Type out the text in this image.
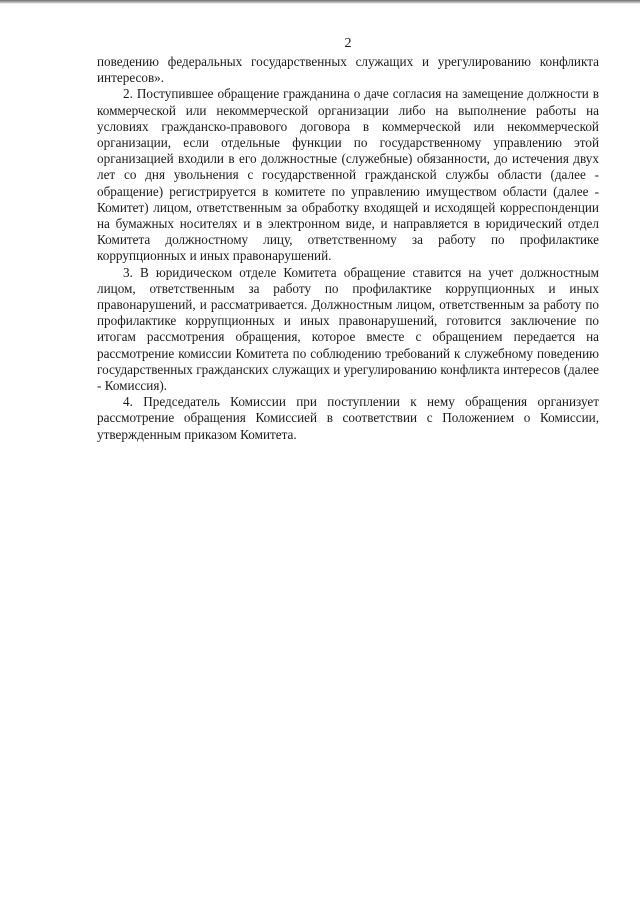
2

поведению федеральных государственных служащих и урегулированию конфликта интересов».

2. Поступившее обращение гражданина о даче согласия на замещение должности в коммерческой или некоммерческой организации либо на выполнение работы на условиях гражданско-правового договора в коммерческой или некоммерческой организации, если отдельные функции по государственному управлению этой организацией входили в его должностные (служебные) обязанности, до истечения двух лет со дня увольнения с государственной гражданской службы области (далее - обращение) регистрируется в комитете по управлению имуществом области (далее - Комитет) лицом, ответственным за обработку входящей и исходящей корреспонденции на бумажных носителях и в электронном виде, и направляется в юридический отдел Комитета должностному лицу, ответственному за работу по профилактике коррупционных и иных правонарушений.

3. В юридическом отделе Комитета обращение ставится на учет должностным лицом, ответственным за работу по профилактике коррупционных и иных правонарушений, и рассматривается. Должностным лицом, ответственным за работу по профилактике коррупционных и иных правонарушений, готовится заключение по итогам рассмотрения обращения, которое вместе с обращением передается на рассмотрение комиссии Комитета по соблюдению требований к служебному поведению государственных гражданских служащих и урегулированию конфликта интересов (далее - Комиссия).

4. Председатель Комиссии при поступлении к нему обращения организует рассмотрение обращения Комиссией в соответствии с Положением о Комиссии, утвержденным приказом Комитета.
